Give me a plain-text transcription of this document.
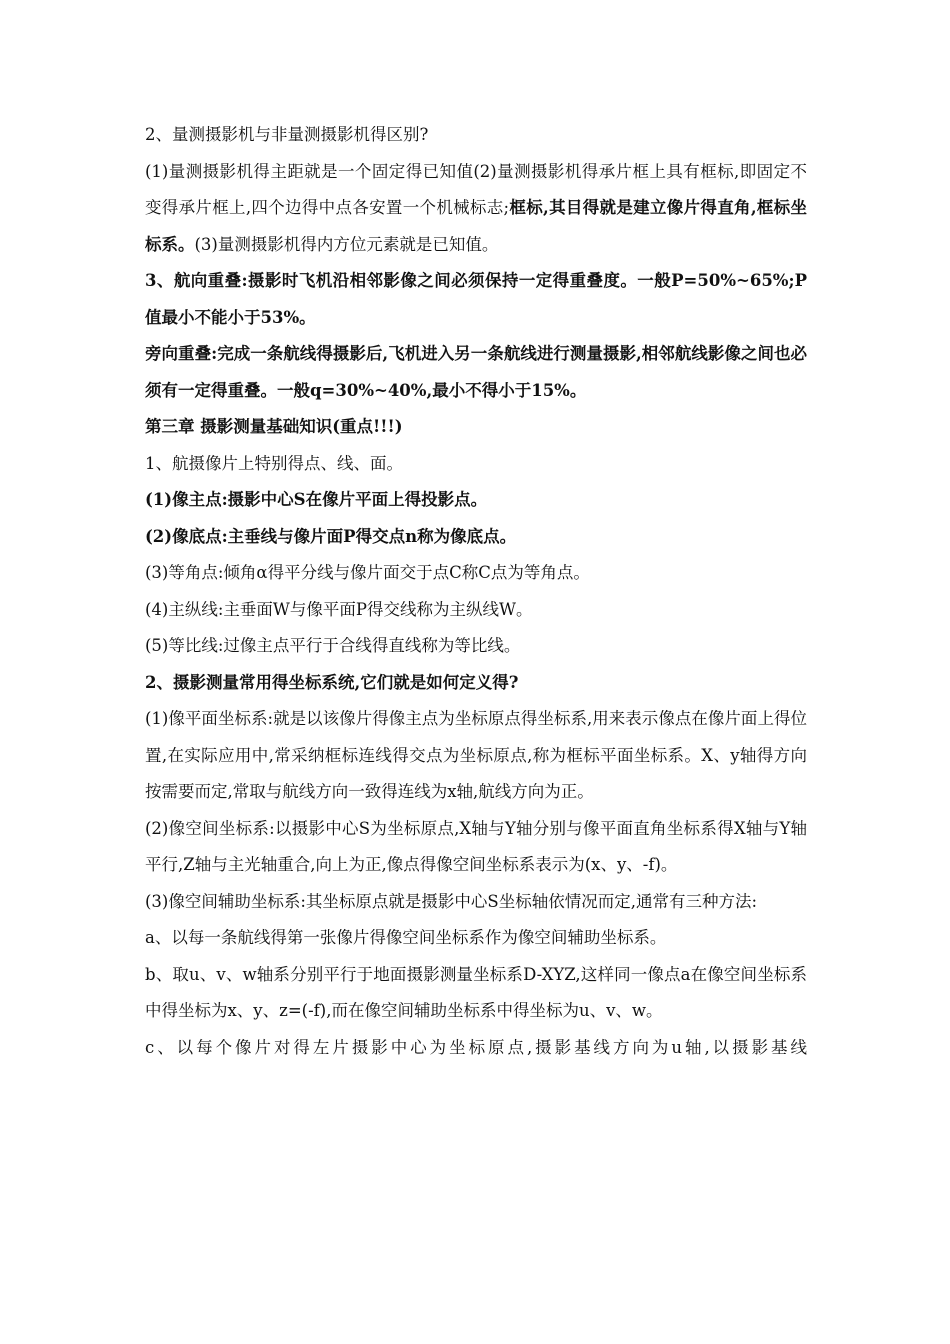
2、量测摄影机与非量测摄影机得区别?

(1)量测摄影机得主距就是一个固定得已知值(2)量测摄影机得承片框上具有框标,即固定不变得承片框上,四个边得中点各安置一个机械标志;框标,其目得就是建立像片得直角,框标坐标系。(3)量测摄影机得内方位元素就是已知值。

3、航向重叠:摄影时飞机沿相邻影像之间必须保持一定得重叠度。一般P=50%~65%;P值最小不能小于53%。

旁向重叠:完成一条航线得摄影后,飞机进入另一条航线进行测量摄影,相邻航线影像之间也必须有一定得重叠。一般q=30%~40%,最小不得小于15%。

第三章 摄影测量基础知识(重点!!!)

1、航摄像片上特别得点、线、面。

(1)像主点:摄影中心S在像片平面上得投影点。

(2)像底点:主垂线与像片面P得交点n称为像底点。

(3)等角点:倾角α得平分线与像片面交于点C称C点为等角点。

(4)主纵线:主垂面W与像平面P得交线称为主纵线W。

(5)等比线:过像主点平行于合线得直线称为等比线。

2、摄影测量常用得坐标系统,它们就是如何定义得?

(1)像平面坐标系:就是以该像片得像主点为坐标原点得坐标系,用来表示像点在像片面上得位置,在实际应用中,常采纳框标连线得交点为坐标原点,称为框标平面坐标系。X、y轴得方向按需要而定,常取与航线方向一致得连线为x轴,航线方向为正。

(2)像空间坐标系:以摄影中心S为坐标原点,X轴与Y轴分别与像平面直角坐标系得X轴与Y轴平行,Z轴与主光轴重合,向上为正,像点得像空间坐标系表示为(x、y、-f)。

(3)像空间辅助坐标系:其坐标原点就是摄影中心S坐标轴依情况而定,通常有三种方法:

a、以每一条航线得第一张像片得像空间坐标系作为像空间辅助坐标系。

b、取u、v、w轴系分别平行于地面摄影测量坐标系D-XYZ,这样同一像点a在像空间坐标系中得坐标为x、y、z=(-f),而在像空间辅助坐标系中得坐标为u、v、w。

c、以每个像片对得左片摄影中心为坐标原点,摄影基线方向为u轴,以摄影基线
